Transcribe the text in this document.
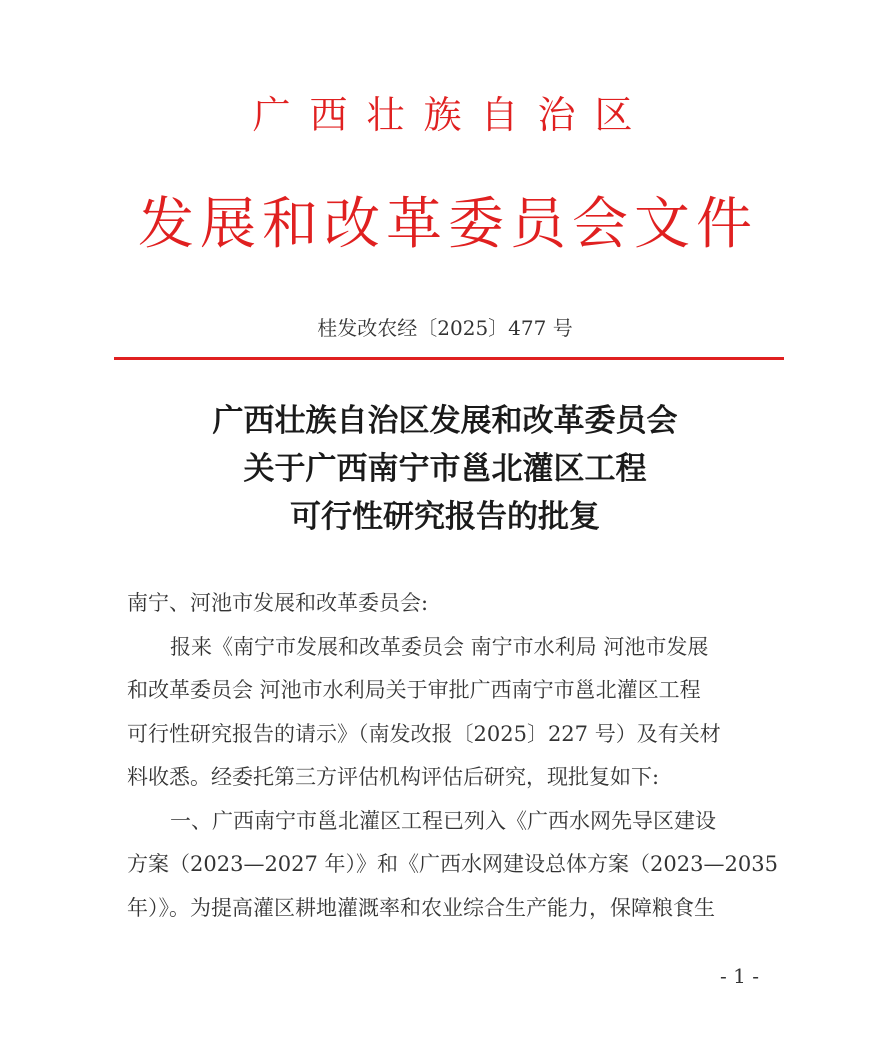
广西壮族自治区
发展和改革委员会文件
桂发改农经〔2025〕477 号
广西壮族自治区发展和改革委员会
关于广西南宁市邕北灌区工程
可行性研究报告的批复
南宁、河池市发展和改革委员会:
报来《南宁市发展和改革委员会 南宁市水利局 河池市发展
和改革委员会 河池市水利局关于审批广西南宁市邕北灌区工程
可行性研究报告的请示》（南发改报〔2025〕227 号）及有关材
料收悉。经委托第三方评估机构评估后研究，现批复如下:
一、广西南宁市邕北灌区工程已列入《广西水网先导区建设
方案（2023—2027 年）》和《广西水网建设总体方案（2023—2035
年）》。为提高灌区耕地灌溉率和农业综合生产能力，保障粮食生
- 1 -
